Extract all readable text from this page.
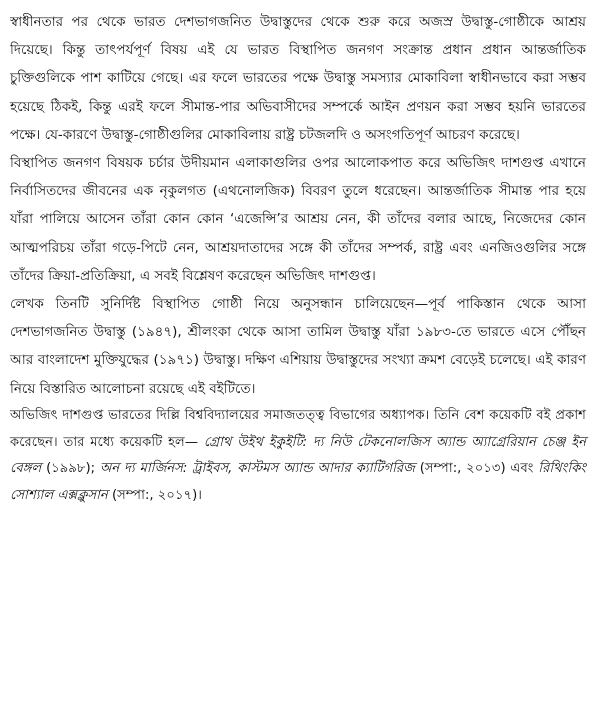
স্বাধীনতার পর থেকে ভারত দেশভাগজনিত উদ্বাস্তুদের থেকে শুরু করে অজস্র উদ্বাস্তু-গোষ্ঠীকে আশ্রয় দিয়েছে। কিন্তু তাৎপর্যপূর্ণ বিষয় এই যে ভারত বিস্থাপিত জনগণ সংক্রান্ত প্রধান প্রধান আন্তর্জাতিক চুক্তিগুলিকে পাশ কাটিয়ে গেছে। এর ফলে ভারতের পক্ষে উদ্বাস্তু সমস্যার মোকাবিলা স্বাধীনভাবে করা সম্ভব হয়েছে ঠিকই, কিন্তু এরই ফলে সীমান্ত-পার অভিবাসীদের সম্পর্কে আইন প্রণয়ন করা সম্ভব হয়নি ভারতের পক্ষে। যে-কারণে উদ্বাস্তু-গোষ্ঠীগুলির মোকাবিলায় রাষ্ট্র চটজলদি ও অসংগতিপূর্ণ আচরণ করেছে।

বিস্থাপিত জনগণ বিষয়ক চর্চার উদীয়মান এলাকাগুলির ওপর আলোকপাত করে অভিজিৎ দাশগুপ্ত এখানে নির্বাসিতদের জীবনের এক নৃকুলগত (এথনোলজিক) বিবরণ তুলে ধরেছেন। আন্তর্জাতিক সীমান্ত পার হয়ে যাঁরা পালিয়ে আসেন তাঁরা কোন কোন ‘এজেন্সি’র আশ্রয় নেন, কী তাঁদের বলার আছে, নিজেদের কোন আত্মপরিচয় তাঁরা গড়ে-পিটে নেন, আশ্রয়দাতাদের সঙ্গে কী তাঁদের সম্পর্ক, রাষ্ট্র এবং এনজিওগুলির সঙ্গে তাঁদের ক্রিয়া-প্রতিক্রিয়া, এ সবই বিশ্লেষণ করেছেন অভিজিৎ দাশগুপ্ত।

লেখক তিনটি সুনির্দিষ্ট বিস্থাপিত গোষ্ঠী নিয়ে অনুসন্ধান চালিয়েছেন—পূর্ব পাকিস্তান থেকে আসা দেশভাগজনিত উদ্বাস্তু (১৯৪৭), শ্রীলংকা থেকে আসা তামিল উদ্বাস্তু যাঁরা ১৯৮৩-তে ভারতে এসে পৌঁছন আর বাংলাদেশ মুক্তিযুদ্ধের (১৯৭১) উদ্বাস্তু। দক্ষিণ এশিয়ায় উদ্বাস্তুদের সংখ্যা ক্রমশ বেড়েই চলেছে। এই কারণ নিয়ে বিস্তারিত আলোচনা রয়েছে এই বইটিতে।

অভিজিৎ দাশগুপ্ত ভারতের দিল্লি বিশ্ববিদ্যালয়ের সমাজতত্ত্ব বিভাগের অধ্যাপক। তিনি বেশ কয়েকটি বই প্রকাশ করেছেন। তার মধ্যে কয়েকটি হল— গ্রোথ উইথ ইকুইটি: দ্য নিউ টেকনোলজিস অ্যান্ড অ্যাগ্রেরিয়ান চেঞ্জ ইন বেঙ্গল (১৯৯৮); অন দ্য মার্জিনস: ট্রাইবস, কাস্টমস অ্যান্ড আদার ক্যাটিগরিজ (সম্পা:, ২০১৩) এবং রিথিংকিং সোশ্যাল এক্সক্লুসান (সম্পা:, ২০১৭)।
